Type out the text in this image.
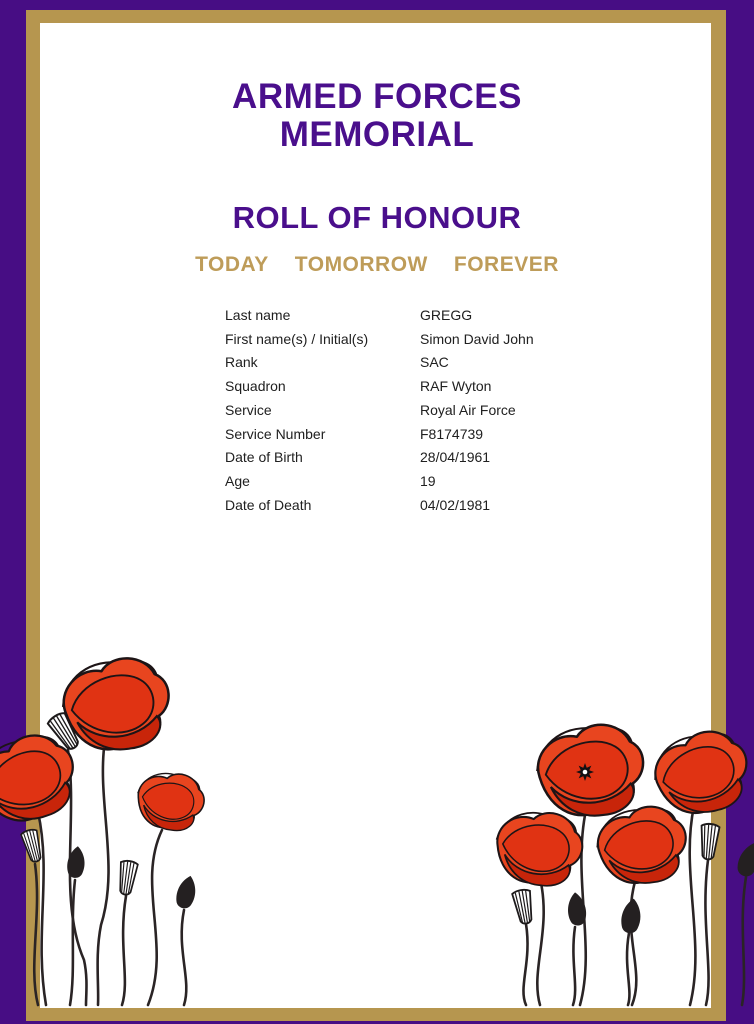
ARMED FORCES
MEMORIAL
ROLL OF HONOUR
TODAY TOMORROW FOREVER
Last name	GREGG
First name(s) / Initial(s)	Simon David John
Rank	SAC
Squadron	RAF Wyton
Service	Royal Air Force
Service Number	F8174739
Date of Birth	28/04/1961
Age	19
Date of Death	04/02/1981
